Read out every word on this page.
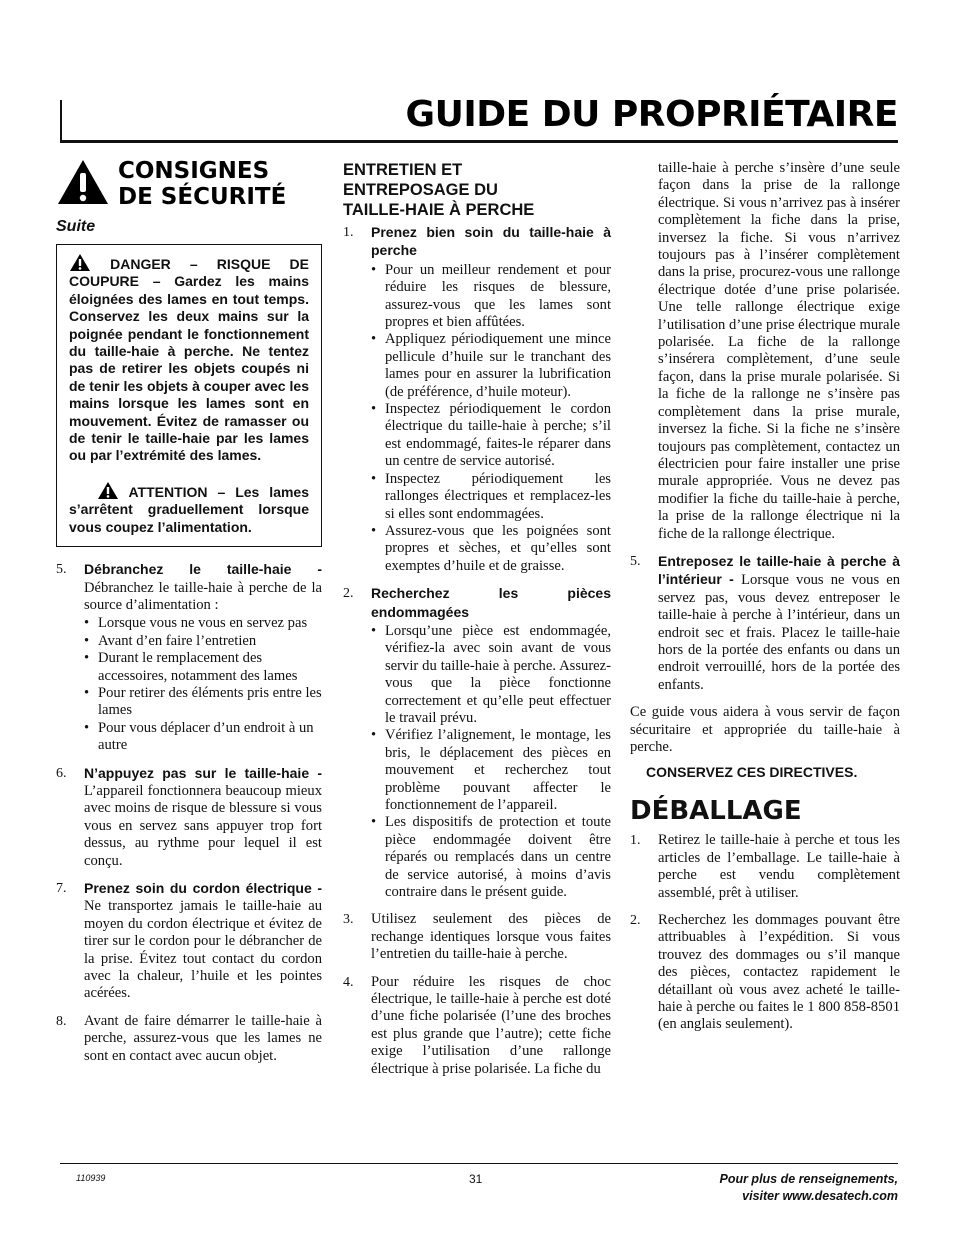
GUIDE DU PROPRIÉTAIRE
CONSIGNES
DE SÉCURITÉ
Suite

DANGER – RISQUE DE COUPURE – Gardez les mains éloignées des lames en tout temps. Conservez les deux mains sur la poignée pendant le fonctionnement du taille-haie à perche. Ne tentez pas de retirer les objets coupés ni de tenir les objets à couper avec les mains lorsque les lames sont en mouvement. Évitez de ramasser ou de tenir le taille-haie par les lames ou par l’extrémité des lames.

ATTENTION – Les lames s’arrêtent graduellement lorsque vous coupez l’alimentation.

5.	Débranchez le taille-haie - Débranchez le taille-haie à perche de la source d’alimentation :
• Lorsque vous ne vous en servez pas
• Avant d’en faire l’entretien
• Durant le remplacement des accessoires, notamment des lames
• Pour retirer des éléments pris entre les lames
• Pour vous déplacer d’un endroit à un autre
6.	N’appuyez pas sur le taille-haie - L’appareil fonctionnera beaucoup mieux avec moins de risque de blessure si vous vous en servez sans appuyer trop fort dessus, au rythme pour lequel il est conçu.
7.	Prenez soin du cordon électrique - Ne transportez jamais le taille-haie au moyen du cordon électrique et évitez de tirer sur le cordon pour le débrancher de la prise. Évitez tout contact du cordon avec la chaleur, l’huile et les pointes acérées.
8.	Avant de faire démarrer le taille-haie à perche, assurez-vous que les lames ne sont en contact avec aucun objet.
ENTRETIEN ET
ENTREPOSAGE DU
TAILLE-HAIE À PERCHE
1.	Prenez bien soin du taille-haie à perche
• Pour un meilleur rendement et pour réduire les risques de blessure, assurez-vous que les lames sont propres et bien affûtées.
• Appliquez périodiquement une mince pellicule d’huile sur le tranchant des lames pour en assurer la lubrification (de préférence, d’huile moteur).
• Inspectez périodiquement le cordon électrique du taille-haie à perche; s’il est endommagé, faites-le réparer dans un centre de service autorisé.
• Inspectez périodiquement les rallonges électriques et remplacez-les si elles sont endommagées.
• Assurez-vous que les poignées sont propres et sèches, et qu’elles sont exemptes d’huile et de graisse.
2.	Recherchez les pièces endommagées
• Lorsqu’une pièce est endommagée, vérifiez-la avec soin avant de vous servir du taille-haie à perche. Assurez-vous que la pièce fonctionne correctement et qu’elle peut effectuer le travail prévu.
• Vérifiez l’alignement, le montage, les bris, le déplacement des pièces en mouvement et recherchez tout problème pouvant affecter le fonctionnement de l’appareil.
• Les dispositifs de protection et toute pièce endommagée doivent être réparés ou remplacés dans un centre de service autorisé, à moins d’avis contraire dans le présent guide.
3.	Utilisez seulement des pièces de rechange identiques lorsque vous faites l’entretien du taille-haie à perche.
4.	Pour réduire les risques de choc électrique, le taille-haie à perche est doté d’une fiche polarisée (l’une des broches est plus grande que l’autre); cette fiche exige l’utilisation d’une rallonge électrique à prise polarisée. La fiche du

taille-haie à perche s’insère d’une seule façon dans la prise de la rallonge électrique. Si vous n’arrivez pas à insérer complètement la fiche dans la prise, inversez la fiche. Si vous n’arrivez toujours pas à l’insérer complètement dans la prise, procurez-vous une rallonge électrique dotée d’une prise polarisée. Une telle rallonge électrique exige l’utilisation d’une prise électrique murale polarisée. La fiche de la rallonge s’insérera complètement, d’une seule façon, dans la prise murale polarisée. Si la fiche de la rallonge ne s’insère pas complètement dans la prise murale, inversez la fiche. Si la fiche ne s’insère toujours pas complètement, contactez un électricien pour faire installer une prise murale appropriée. Vous ne devez pas modifier la fiche du taille-haie à perche, la prise de la rallonge électrique ni la fiche de la rallonge électrique.

5.	Entreposez le taille-haie à perche à l’intérieur - Lorsque vous ne vous en servez pas, vous devez entreposer le taille-haie à perche à l’intérieur, dans un endroit sec et frais. Placez le taille-haie hors de la portée des enfants ou dans un endroit verrouillé, hors de la portée des enfants.

Ce guide vous aidera à vous servir de façon sécuritaire et appropriée du taille-haie à perche.

CONSERVEZ CES DIRECTIVES.
DÉBALLAGE
1.	Retirez le taille-haie à perche et tous les articles de l’emballage. Le taille-haie à perche est vendu complètement assemblé, prêt à utiliser.
2.	Recherchez les dommages pouvant être attribuables à l’expédition. Si vous trouvez des dommages ou s’il manque des pièces, contactez rapidement le détaillant où vous avez acheté le taille-haie à perche ou faites le 1 800 858-8501 (en anglais seulement).
110939	31	Pour plus de renseignements,
visiter www.desatech.com
